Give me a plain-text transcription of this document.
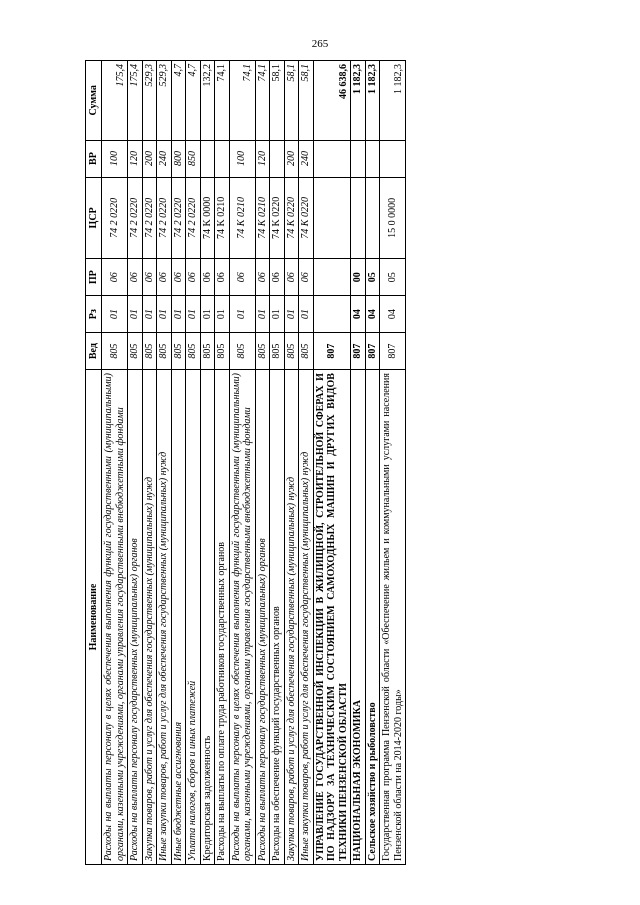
265
Наименование	Вед	Рз	ПР	ЦСР	ВР	Сумма
Расходы на выплаты персоналу в целях обеспечения выполнения функций государственными (муниципальными) органами, казенными учреждениями, органами управления государственными внебюджетными фондами	805	01	06	74 2 0220	100	175,4
Расходы на выплаты персоналу государственных (муниципальных) органов	805	01	06	74 2 0220	120	175,4
Закупка товаров, работ и услуг для обеспечения государственных (муниципальных) нужд	805	01	06	74 2 0220	200	529,3
Иные закупки товаров, работ и услуг для обеспечения государственных (муниципальных) нужд	805	01	06	74 2 0220	240	529,3
Иные бюджетные ассигнования	805	01	06	74 2 0220	800	4,7
Уплата налогов, сборов и иных платежей	805	01	06	74 2 0220	850	4,7
Кредиторская задолженность	805	01	06	74 K 0000		132,2
Расходы на выплаты по оплате труда работников государственных органов	805	01	06	74 K 0210		74,1
Расходы на выплаты персоналу в целях обеспечения выполнения функций государственными (муниципальными) органами, казенными учреждениями, органами управления государственными внебюджетными фондами	805	01	06	74 K 0210	100	74,1
Расходы на выплаты персоналу государственных (муниципальных) органов	805	01	06	74 K 0210	120	74,1
Расходы на обеспечение функций государственных органов	805	01	06	74 K 0220		58,1
Закупка товаров, работ и услуг для обеспечения государственных (муниципальных) нужд	805	01	06	74 K 0220	200	58,1
Иные закупки товаров, работ и услуг для обеспечения государственных (муниципальных) нужд	805	01	06	74 K 0220	240	58,1
УПРАВЛЕНИЕ ГОСУДАРСТВЕННОЙ ИНСПЕКЦИИ В ЖИЛИЩНОЙ, СТРОИТЕЛЬНОЙ СФЕРАХ И ПО НАДЗОРУ ЗА ТЕХНИЧЕСКИМ СОСТОЯНИЕМ САМОХОДНЫХ МАШИН И ДРУГИХ ВИДОВ ТЕХНИКИ ПЕНЗЕНСКОЙ ОБЛАСТИ	807					46 638,6
НАЦИОНАЛЬНАЯ ЭКОНОМИКА	807	04	00			1 182,3
Сельское хозяйство и рыболовство	807	04	05			1 182,3
Государственная программа Пензенской области «Обеспечение жильем и коммунальными услугами населения Пензенской области на 2014-2020 годы»	807	04	05	15 0 0000		1 182,3
